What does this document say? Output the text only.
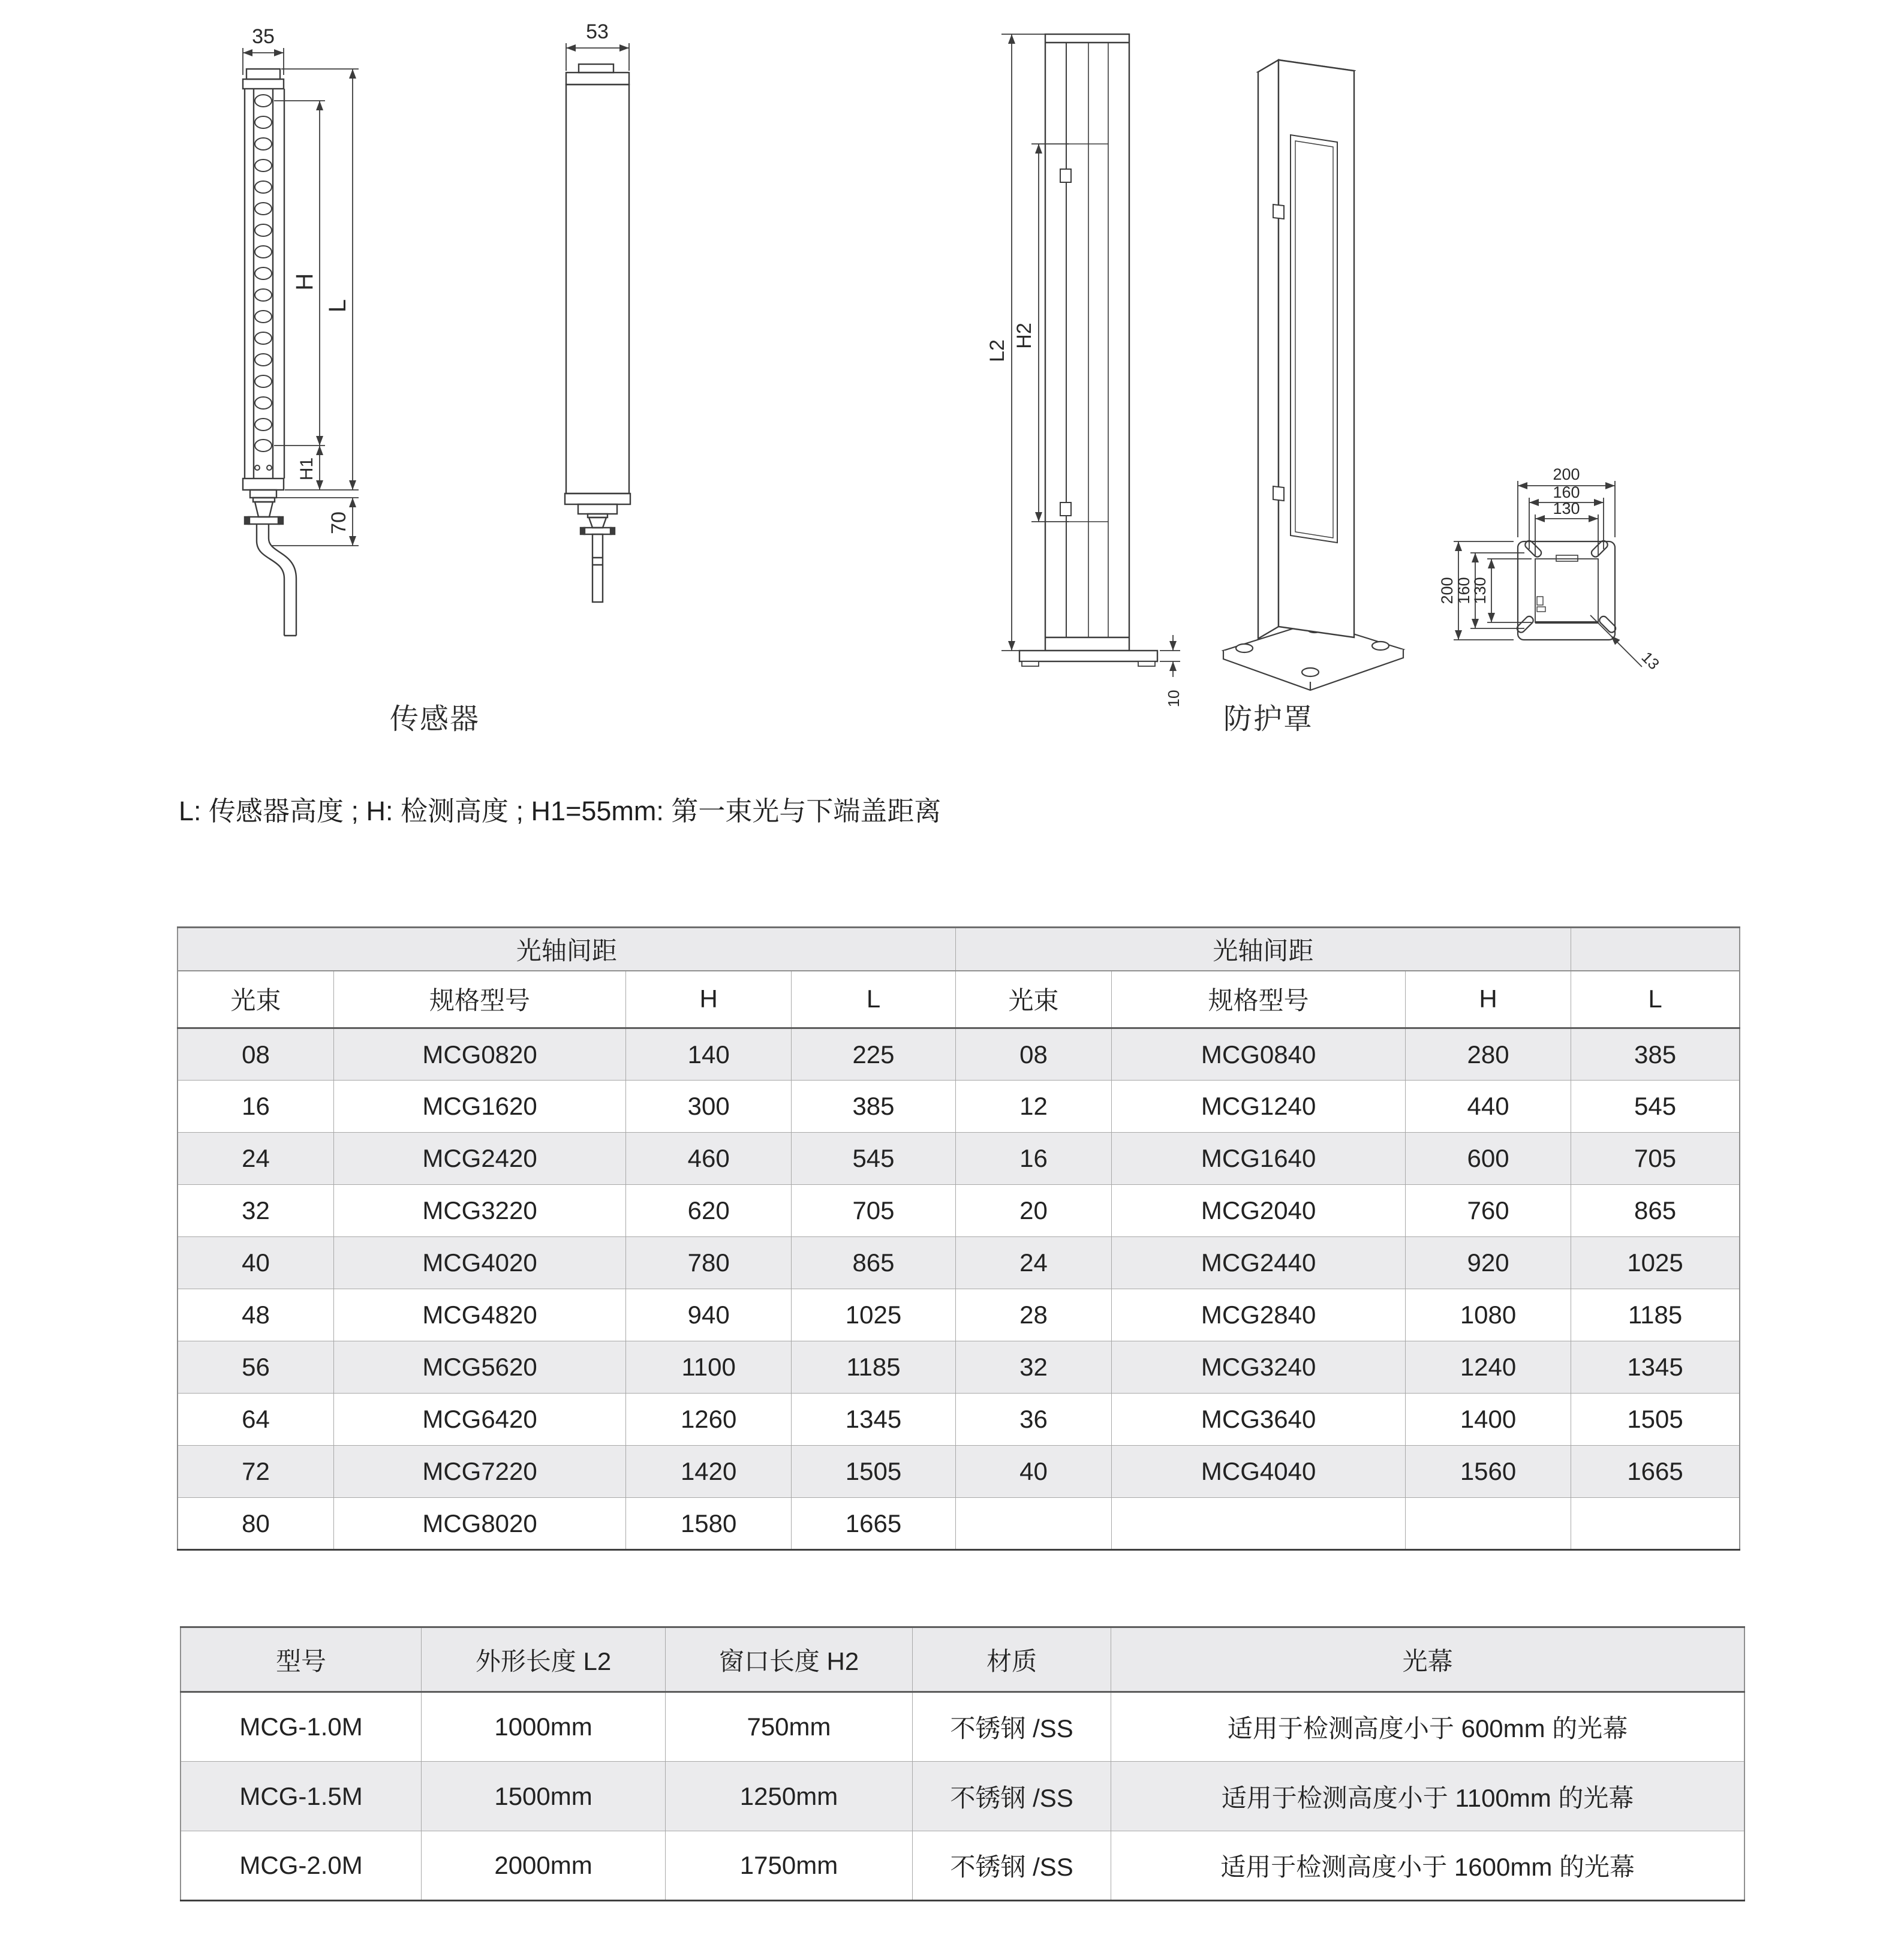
35
H
L
H1
70
53
L2
H2
10
200
160
130
200
160
130
13
传感器	防护罩
L: 传感器高度 ; H: 检测高度 ; H1=55mm: 第一束光与下端盖距离
光轴间距				光轴间距			
光束	规格型号	H	L	光束	规格型号	H	L
08	MCG0820	140	225	08	MCG0840	280	385
16	MCG1620	300	385	12	MCG1240	440	545
24	MCG2420	460	545	16	MCG1640	600	705
32	MCG3220	620	705	20	MCG2040	760	865
40	MCG4020	780	865	24	MCG2440	920	1025
48	MCG4820	940	1025	28	MCG2840	1080	1185
56	MCG5620	1100	1185	32	MCG3240	1240	1345
64	MCG6420	1260	1345	36	MCG3640	1400	1505
72	MCG7220	1420	1505	40	MCG4040	1560	1665
80	MCG8020	1580	1665				
型号	外形长度 L2	窗口长度 H2	材质	光幕
MCG-1.0M	1000mm	750mm	不锈钢 /SS	适用于检测高度小于 600mm 的光幕
MCG-1.5M	1500mm	1250mm	不锈钢 /SS	适用于检测高度小于 1100mm 的光幕
MCG-2.0M	2000mm	1750mm	不锈钢 /SS	适用于检测高度小于 1600mm 的光幕
